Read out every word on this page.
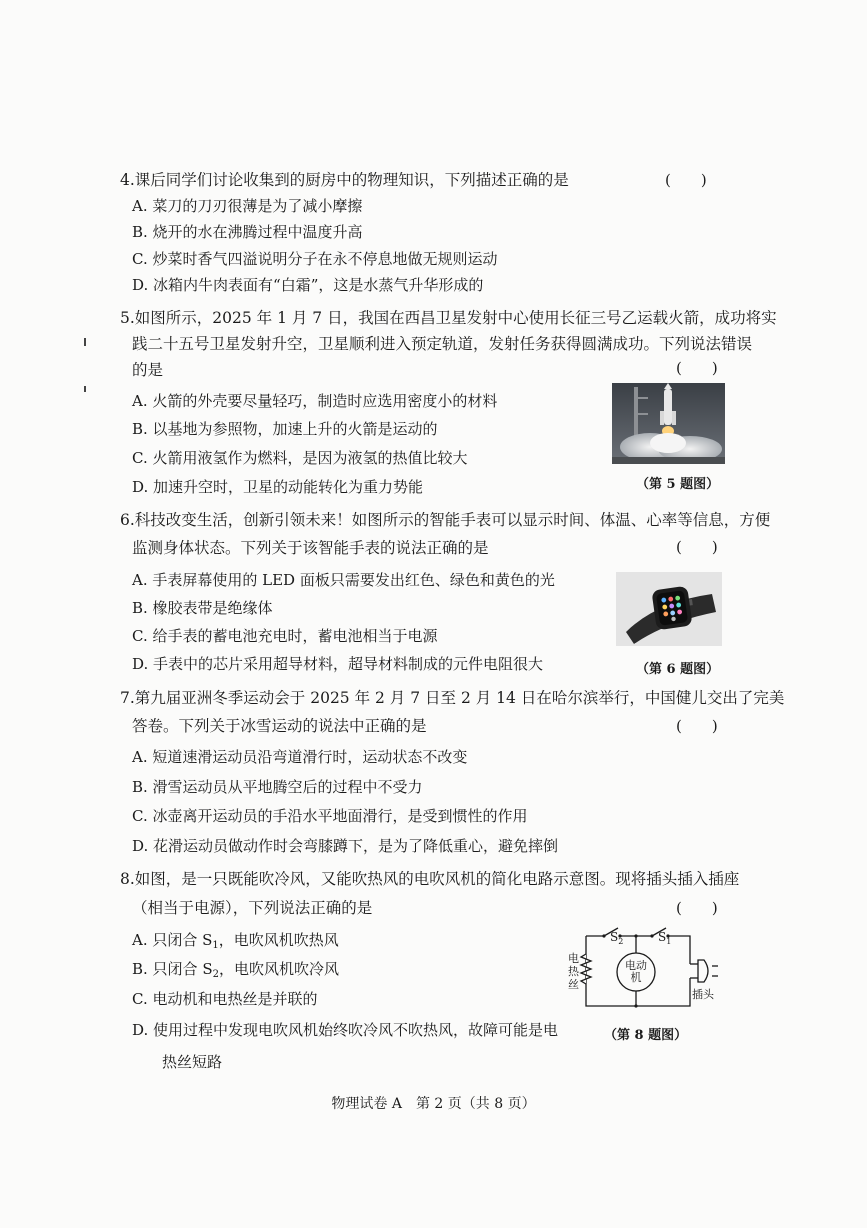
4.课后同学们讨论收集到的厨房中的物理知识，下列描述正确的是	(　　)
A. 菜刀的刀刃很薄是为了减小摩擦
B. 烧开的水在沸腾过程中温度升高
C. 炒菜时香气四溢说明分子在永不停息地做无规则运动
D. 冰箱内牛肉表面有“白霜”，这是水蒸气升华形成的
5.如图所示，2025 年 1 月 7 日，我国在西昌卫星发射中心使用长征三号乙运载火箭，成功将实
践二十五号卫星发射升空，卫星顺利进入预定轨道，发射任务获得圆满成功。下列说法错误
的是	(　　)
A. 火箭的外壳要尽量轻巧，制造时应选用密度小的材料
B. 以基地为参照物，加速上升的火箭是运动的
C. 火箭用液氢作为燃料，是因为液氢的热值比较大
D. 加速升空时，卫星的动能转化为重力势能	（第 5 题图）
6.科技改变生活，创新引领未来！如图所示的智能手表可以显示时间、体温、心率等信息，方便
监测身体状态。下列关于该智能手表的说法正确的是	(　　)
A. 手表屏幕使用的 LED 面板只需要发出红色、绿色和黄色的光
B. 橡胶表带是绝缘体
C. 给手表的蓄电池充电时，蓄电池相当于电源
D. 手表中的芯片采用超导材料，超导材料制成的元件电阻很大	（第 6 题图）
7.第九届亚洲冬季运动会于 2025 年 2 月 7 日至 2 月 14 日在哈尔滨举行，中国健儿交出了完美
答卷。下列关于冰雪运动的说法中正确的是	(　　)
A. 短道速滑运动员沿弯道滑行时，运动状态不改变
B. 滑雪运动员从平地腾空后的过程中不受力
C. 冰壶离开运动员的手沿水平地面滑行，是受到惯性的作用
D. 花滑运动员做动作时会弯膝蹲下，是为了降低重心，避免摔倒
8.如图，是一只既能吹冷风，又能吹热风的电吹风机的简化电路示意图。现将插头插入插座
（相当于电源），下列说法正确的是	(　　)
A. 只闭合 $S_1$，电吹风机吹热风
B. 只闭合 $S_2$，电吹风机吹冷风
C. 电动机和电热丝是并联的
D. 使用过程中发现电吹风机始终吹冷风不吹热风，故障可能是电
　　热丝短路
$S_2$	$S_1$
电
热
丝
电动
机
插头
（第 8 题图）
物理试卷 A　第 2 页（共 8 页）
